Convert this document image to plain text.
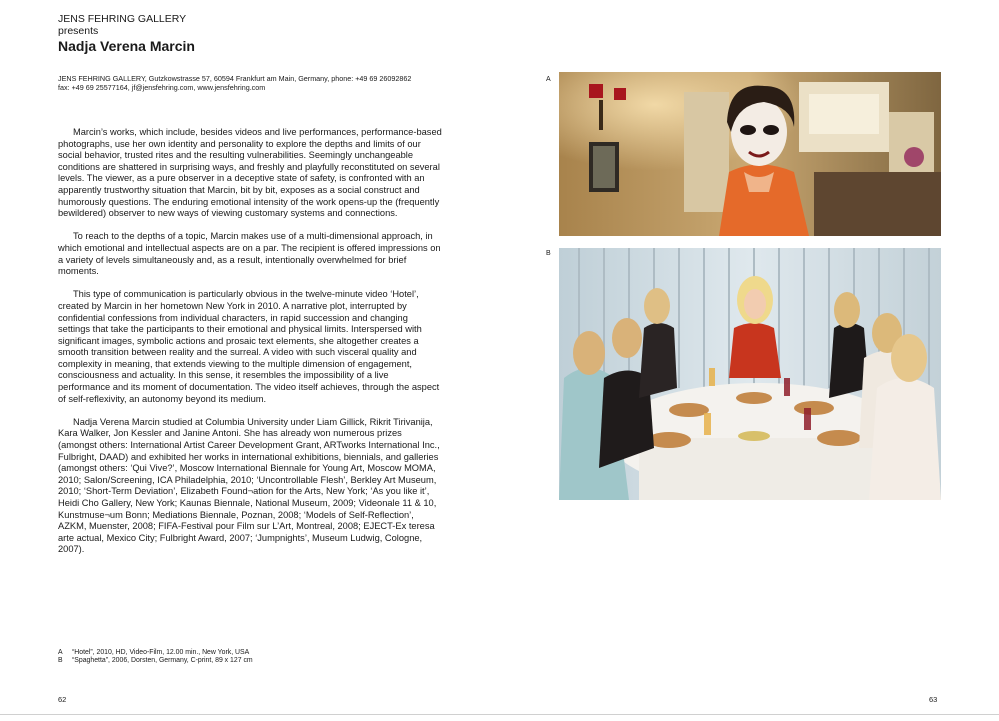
JENS FEHRING GALLERY
presents
Nadja Verena Marcin
JENS FEHRING GALLERY, Gutzkowstrasse 57, 60594 Frankfurt am Main, Germany, phone: +49 69 26092862
fax: +49 69 25577164, jf@jensfehring.com, www.jensfehring.com

Marcin’s works, which include, besides videos and live performances, performance-based photographs, use her own identity and personality to explore the depths and limits of our social behavior, trusted rites and the resulting vulnerabilities. Seemingly unchangeable conditions are shattered in surprising ways, and freshly and playfully reconstituted on several levels. The viewer, as a pure observer in a deceptive state of safety, is confronted with an apparently trustworthy situation that Marcin, bit by bit, exposes as a social construct and humorously questions. The enduring emotional intensity of the work opens-up the (frequently bewildered) observer to new ways of viewing customary systems and connections.

To reach to the depths of a topic, Marcin makes use of a multi-dimensional approach, in which emotional and intellectual aspects are on a par. The recipient is offered impressions on a variety of levels simultaneously and, as a result, intentionally overwhelmed for brief moments.

This type of communication is particularly obvious in the twelve-minute video ‘Hotel’, created by Marcin in her hometown New York in 2010. A narrative plot, interrupted by confidential confessions from individual characters, in rapid succession and changing settings that take the participants to their emotional and physical limits. Interspersed with significant images, symbolic actions and prosaic text elements, she altogether creates a smooth transition between reality and the surreal. A video with such visceral quality and complexity in meaning, that extends viewing to the multiple dimension of engagement, consciousness and actuality. In this sense, it resembles the impossibility of a live performance and its moment of documentation. The video itself achieves, through the aspect of self-reflexivity, an autonomy beyond its medium.

Nadja Verena Marcin studied at Columbia University under Liam Gillick, Rikrit Tirivanija, Kara Walker, Jon Kessler and Janine Antoni. She has already won numerous prizes (amongst others: International Artist Career Development Grant, ARTworks International Inc., Fulbright, DAAD) and exhibited her works in international exhibitions, biennials, and galleries (amongst others: ‘Qui Vive?’, Moscow International Biennale for Young Art, Moscow MOMA, 2010; Salon/Screening, ICA Philadelphia, 2010; ‘Uncontrollable Flesh’, Berkley Art Museum, 2010; ‘Short-Term Deviation’, Elizabeth Found¬ation for the Arts, New York; ‘As you like it’, Heidi Cho Gallery, New York; Kaunas Biennale, National Museum, 2009; Videonale 11 & 10, Kunstmuse¬um Bonn; Mediations Biennale, Poznan, 2008; ‘Models of Self-Reflection’, AZKM, Muenster, 2008; FIFA-Festival pour Film sur L’Art, Montreal, 2008; EJECT-Ex teresa arte actual, Mexico City; Fulbright Award, 2007; ‘Jumpnights’, Museum Ludwig, Cologne, 2007).

A	“Hotel”, 2010, HD, Video-Film, 12.00 min., New York, USA
B	“Spaghetta”, 2006, Dorsten, Germany, C-print, 89 x 127 cm
62	63
A
B
